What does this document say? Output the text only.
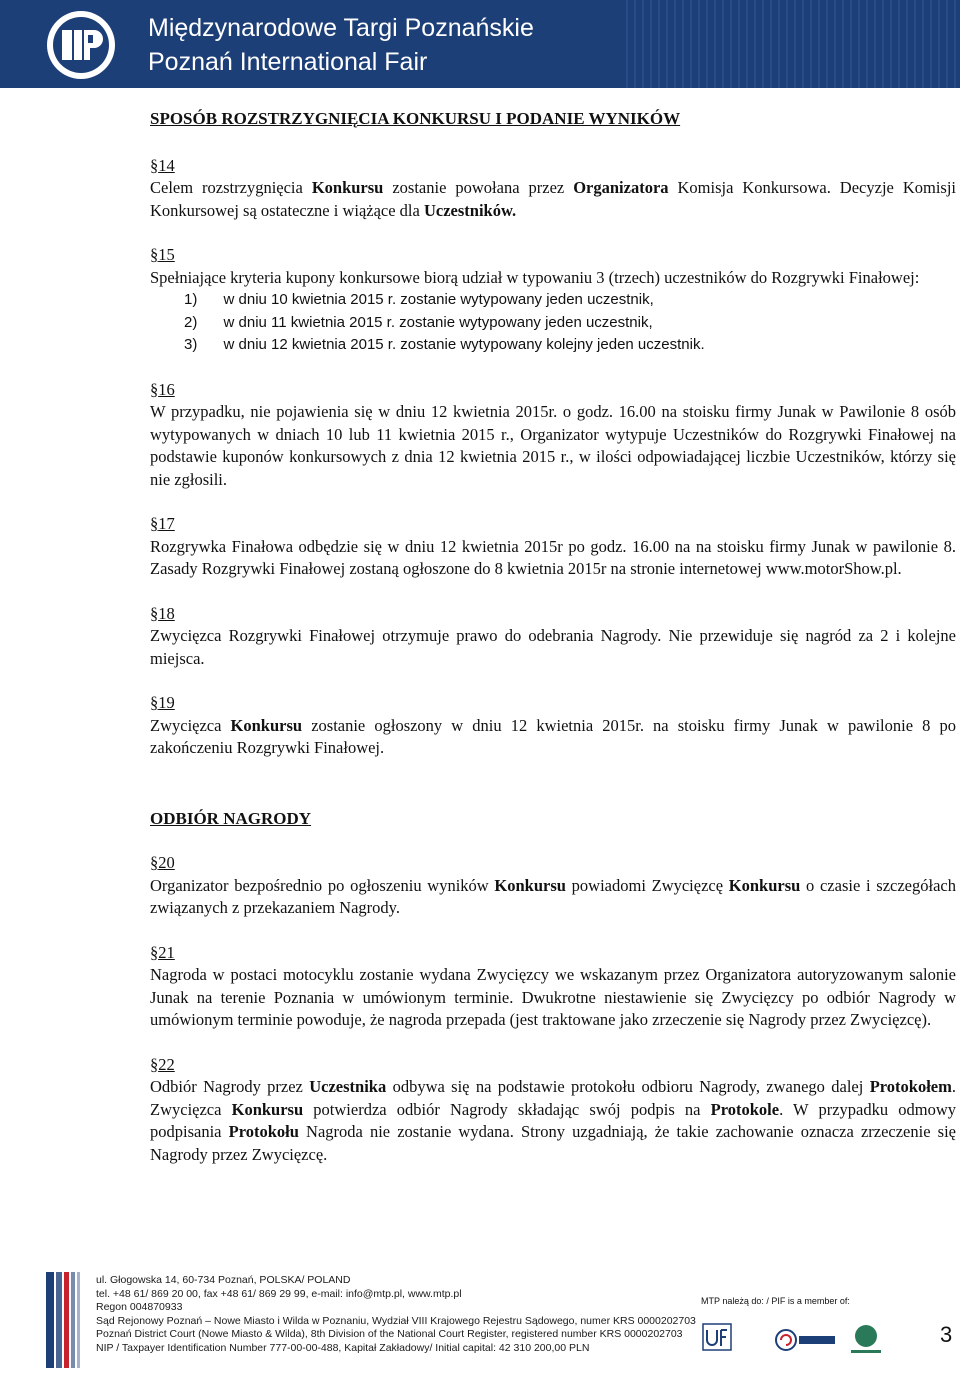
Międzynarodowe Targi Poznańskie
Poznań International Fair

SPOSÓB ROZSTRZYGNIĘCIA KONKURSU I PODANIE WYNIKÓW

§14
Celem rozstrzygnięcia Konkursu zostanie powołana przez Organizatora Komisja Konkursowa. Decyzje Komisji Konkursowej są ostateczne i wiążące dla Uczestników.
§15
Spełniające kryteria kupony konkursowe biorą udział w typowaniu 3 (trzech) uczestników do Rozgrywki Finałowej:
1) w dniu 10 kwietnia 2015 r. zostanie wytypowany jeden uczestnik,
2) w dniu 11 kwietnia 2015 r. zostanie wytypowany jeden uczestnik,
3) w dniu 12 kwietnia 2015 r. zostanie wytypowany kolejny jeden uczestnik.
§16
W przypadku, nie pojawienia się w dniu 12 kwietnia 2015r. o godz. 16.00 na stoisku firmy Junak w Pawilonie 8 osób wytypowanych w dniach 10 lub 11 kwietnia 2015 r., Organizator wytypuje Uczestników do Rozgrywki Finałowej na podstawie kuponów konkursowych z dnia 12 kwietnia 2015 r., w ilości odpowiadającej liczbie Uczestników, którzy się nie zgłosili.
§17
Rozgrywka Finałowa odbędzie się w dniu 12 kwietnia 2015r po godz. 16.00 na na stoisku firmy Junak w pawilonie 8. Zasady Rozgrywki Finałowej zostaną ogłoszone do 8 kwietnia 2015r na stronie internetowej www.motorShow.pl.
§18
Zwycięzca Rozgrywki Finałowej otrzymuje prawo do odebrania Nagrody. Nie przewiduje się nagród za 2 i kolejne miejsca.
§19
Zwycięzca Konkursu zostanie ogłoszony w dniu 12 kwietnia 2015r. na stoisku firmy Junak w pawilonie 8 po zakończeniu Rozgrywki Finałowej.

ODBIÓR NAGRODY

§20
Organizator bezpośrednio po ogłoszeniu wyników Konkursu powiadomi Zwycięzcę Konkursu o czasie i szczegółach związanych z przekazaniem Nagrody.
§21
Nagroda w postaci motocyklu zostanie wydana Zwycięzcy we wskazanym przez Organizatora autoryzowanym salonie Junak na terenie Poznania w umówionym terminie. Dwukrotne niestawienie się Zwycięzcy po odbiór Nagrody w umówionym terminie powoduje, że nagroda przepada (jest traktowane jako zrzeczenie się Nagrody przez Zwycięzcę).
§22
Odbiór Nagrody przez Uczestnika odbywa się na podstawie protokołu odbioru Nagrody, zwanego dalej Protokołem. Zwycięzca Konkursu potwierdza odbiór Nagrody składając swój podpis na Protokole. W przypadku odmowy podpisania Protokołu Nagroda nie zostanie wydana. Strony uzgadniają, że takie zachowanie oznacza zrzeczenie się Nagrody przez Zwycięzcę.
ul. Głogowska 14, 60-734 Poznań, POLSKA/ POLAND
tel. +48 61/ 869 20 00, fax +48 61/ 869 29 99, e-mail: info@mtp.pl, www.mtp.pl
Regon 004870933
Sąd Rejonowy Poznań – Nowe Miasto i Wilda w Poznaniu, Wydział VIII Krajowego Rejestru Sądowego, numer KRS 0000202703
Poznań District Court (Nowe Miasto & Wilda), 8th Division of the National Court Register, registered number KRS 0000202703
NIP / Taxpayer Identification Number 777-00-00-488, Kapitał Zakładowy/ Initial capital: 42 310 200,00 PLN
MTP należą do: / PIF is a member of:
3
